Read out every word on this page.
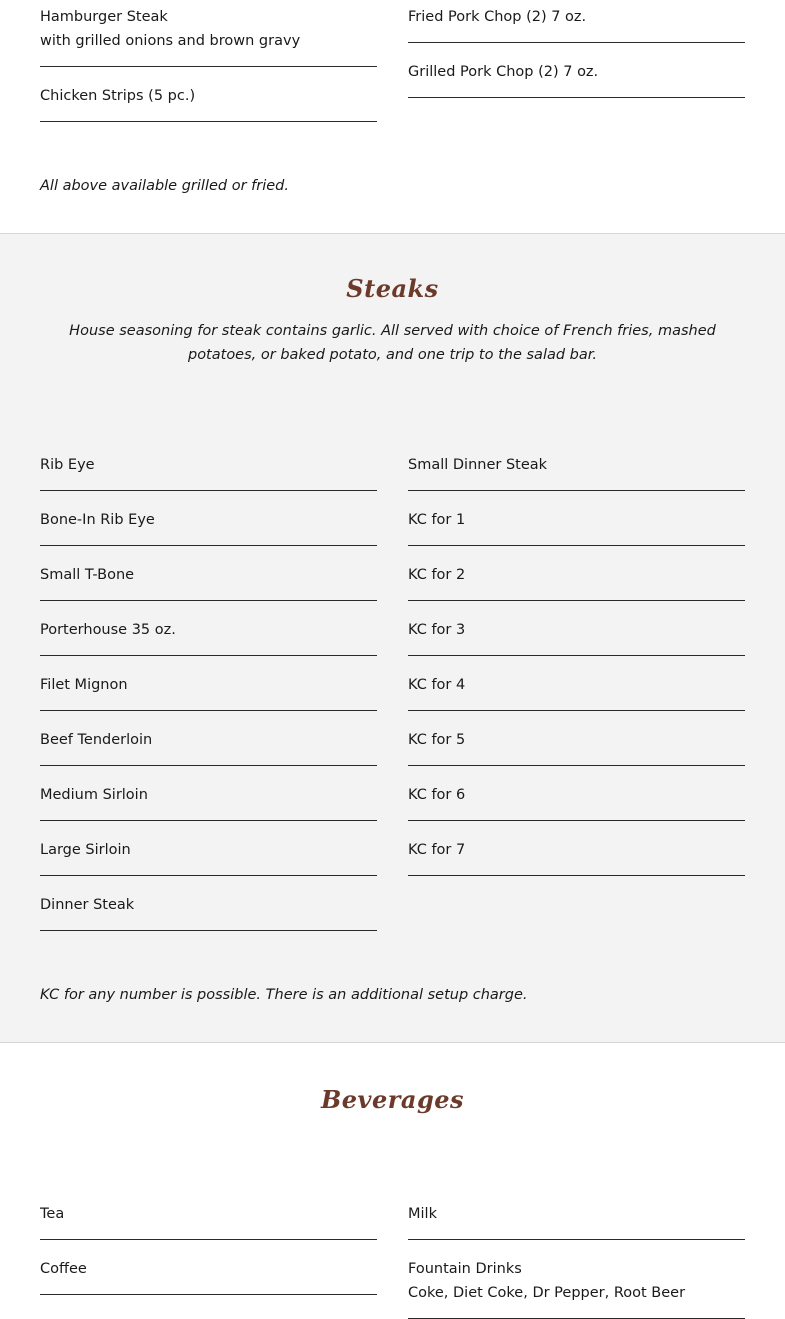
Hamburger Steak
with grilled onions and brown gravy
Chicken Strips (5 pc.)
Fried Pork Chop (2) 7 oz.
Grilled Pork Chop (2) 7 oz.
All above available grilled or fried.
Steaks
House seasoning for steak contains garlic. All served with choice of French fries, mashed potatoes, or baked potato, and one trip to the salad bar.
Rib Eye
Bone-In Rib Eye
Small T-Bone
Porterhouse 35 oz.
Filet Mignon
Beef Tenderloin
Medium Sirloin
Large Sirloin
Dinner Steak
Small Dinner Steak
KC for 1
KC for 2
KC for 3
KC for 4
KC for 5
KC for 6
KC for 7
KC for any number is possible. There is an additional setup charge.
Beverages
Tea
Coffee
Milk
Fountain Drinks
Coke, Diet Coke, Dr Pepper, Root Beer
